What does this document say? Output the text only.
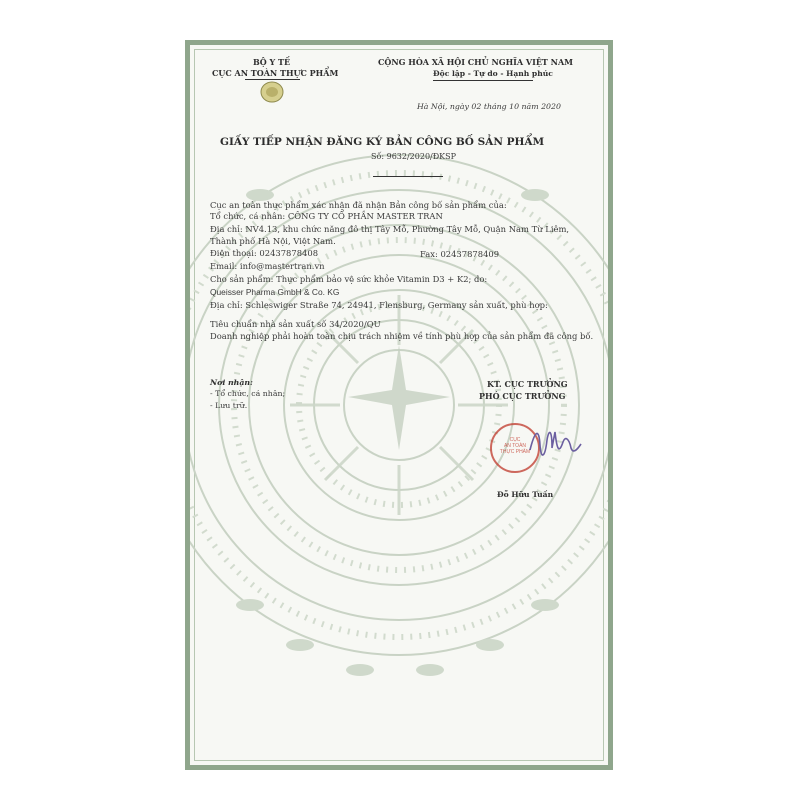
BỘ Y TẾ
CỤC AN TOÀN THỰC PHẨM
CỘNG HÒA XÃ HỘI CHỦ NGHĨA VIỆT NAM
Độc lập - Tự do - Hạnh phúc
Hà Nội, ngày 02 tháng 10 năm 2020
GIẤY TIẾP NHẬN ĐĂNG KÝ BẢN CÔNG BỐ SẢN PHẨM
Số: 9632/2020/ĐKSP
Cục an toàn thực phẩm xác nhận đã nhận Bản công bố sản phẩm của:
Tổ chức, cá nhân: CÔNG TY CỔ PHẦN MASTER TRAN
Địa chỉ: NV4.13, khu chức năng đô thị Tây Mỗ, Phường Tây Mỗ, Quận Nam Từ Liêm,
Thành phố Hà Nội, Việt Nam.
Điện thoại: 02437878408	Fax: 02437878409
Email: info@mastertran.vn
Cho sản phẩm: Thực phẩm bảo vệ sức khỏe Vitamin D3 + K2; do:
Queisser Pharma GmbH & Co. KG
Địa chỉ: Schleswiger Straße 74, 24941, Flensburg, Germany sản xuất, phù hợp:
Tiêu chuẩn nhà sản xuất số 34/2020/QU
Doanh nghiệp phải hoàn toàn chịu trách nhiệm về tính phù hợp của sản phẩm đã công bố.
Nơi nhận:
- Tổ chức, cá nhân;
- Lưu trữ.
KT. CỤC TRƯỞNG
PHÓ CỤC TRƯỞNG
CỤC
AN TOÀN
THỰC PHẨM
Đỗ Hữu Tuấn
